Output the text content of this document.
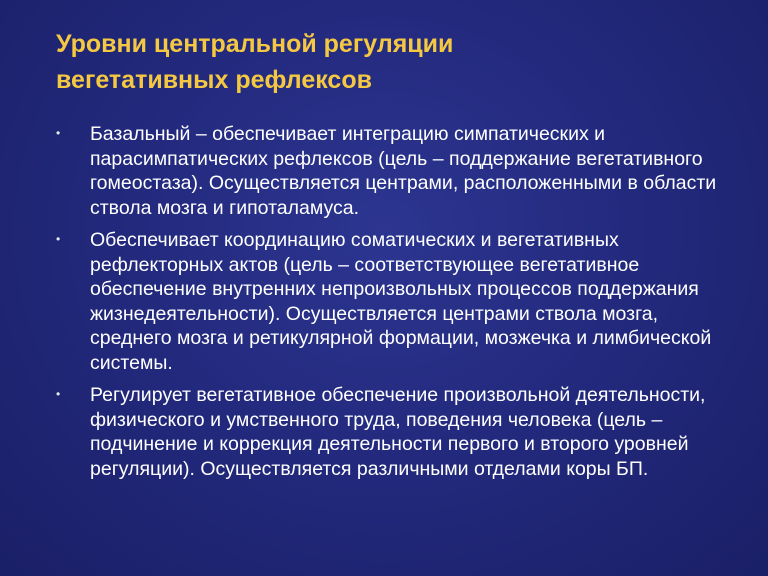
Уровни центральной регуляции
вегетативных рефлексов
• Базальный – обеспечивает интеграцию симпатических и парасимпатических рефлексов (цель – поддержание вегетативного гомеостаза). Осуществляется центрами, расположенными в области ствола мозга и гипоталамуса.
• Обеспечивает координацию соматических и вегетативных рефлекторных актов (цель – соответствующее вегетативное обеспечение внутренних непроизвольных процессов поддержания жизнедеятельности). Осуществляется центрами ствола мозга, среднего мозга и ретикулярной формации, мозжечка и лимбической системы.
• Регулирует вегетативное обеспечение произвольной деятельности, физического и умственного труда, поведения человека (цель – подчинение и коррекция деятельности первого и второго уровней регуляции). Осуществляется различными отделами коры БП.
